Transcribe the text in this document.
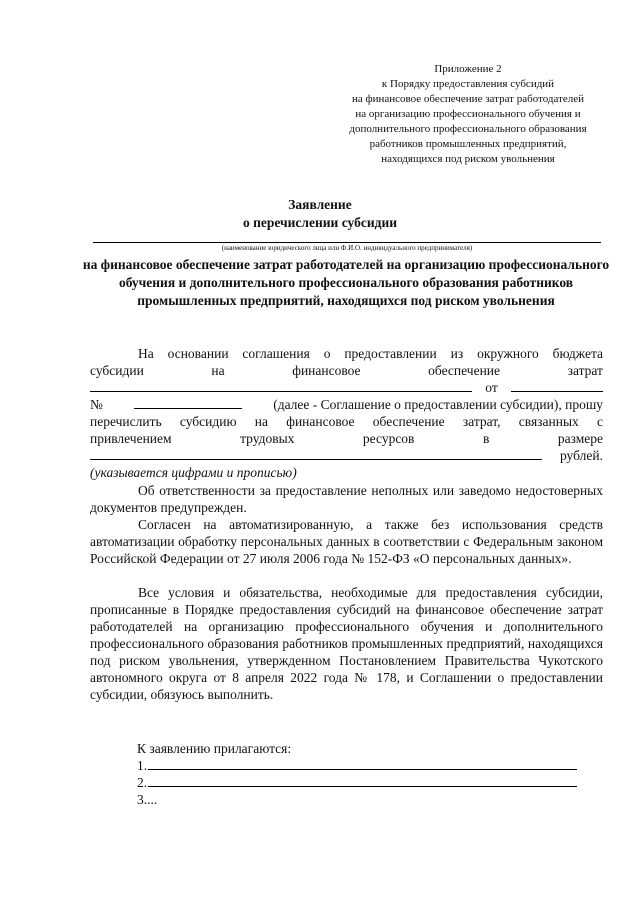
Приложение 2
к Порядку предоставления субсидий
на финансовое обеспечение затрат работодателей
на организацию профессионального обучения и
дополнительного профессионального образования
работников промышленных предприятий,
находящихся под риском увольнения
Заявление
о перечислении субсидии
(наименование юридического лица или Ф.И.О. индивидуального предпринимателя)
на финансовое обеспечение затрат работодателей на организацию профессионального обучения и дополнительного профессионального образования работников промышленных предприятий, находящихся под риском увольнения
На основании соглашения о предоставлении из окружного бюджета
субсидии	на	финансовое	обеспечение	затрат
от
№	(далее - Соглашение о предоставлении субсидии), прошу
перечислить субсидию на финансовое обеспечение затрат, связанных с
привлечением	трудовых	ресурсов	в	размере
рублей.
(указывается цифрами и прописью)

Об ответственности за предоставление неполных или заведомо недостоверных документов предупрежден.

Согласен на автоматизированную, а также без использования средств автоматизации обработку персональных данных в соответствии с Федеральным законом Российской Федерации от 27 июля 2006 года № 152-ФЗ «О персональных данных».

Все условия и обязательства, необходимые для предоставления субсидии, прописанные в Порядке предоставления субсидий на финансовое обеспечение затрат работодателей на организацию профессионального обучения и дополнительного профессионального образования работников промышленных предприятий, находящихся под риском увольнения, утвержденном Постановлением Правительства Чукотского автономного округа от 8 апреля 2022 года № 178, и Соглашении о предоставлении субсидии, обязуюсь выполнить.

К заявлению прилагаются:
1.
2.
3....
